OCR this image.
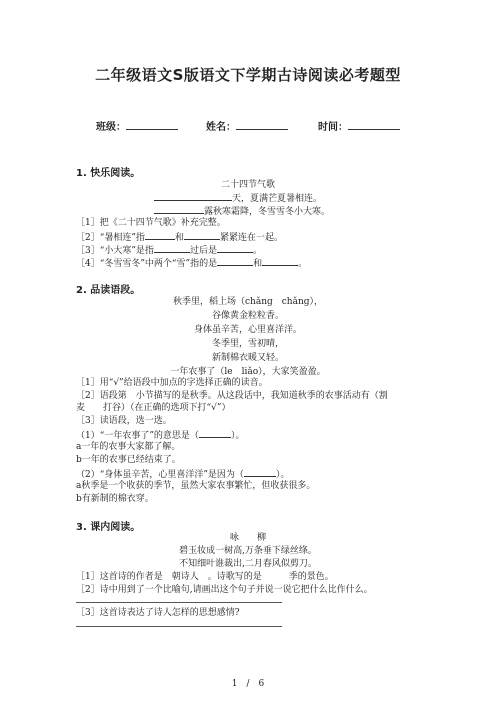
二年级语文S版语文下学期古诗阅读必考题型
班级：	姓名：	时间：
1. 快乐阅读。
二十四节气歌
天，夏满芒夏暑相连。
露秋寒霜降，冬雪雪冬小大寒。
［1］把《二十四节气歌》补充完整。
［2］“暑相连”指	和	紧紧连在一起。
［3］“小大寒”是指	过后是	。
［4］“冬雪雪冬”中两个“雪”指的是	和	。
2. 品读语段。
秋季里，稻上场（chǎng　chǎng），
谷像黄金粒粒香。
身体虽辛苦，心里喜洋洋。
冬季里，雪初晴，
新制棉衣暖又轻。
一年农事了（le　liǎo），大家笑盈盈。
［1］用“√”给语段中加点的字选择正确的读音。
［2］语段第　小节描写的是秋季。从这段话中，我知道秋季的农事活动有（割
麦　　打谷）（在正确的选项下打“√”）
［3］读语段，选一选。
（1）“一年农事了”的意思是（	）。
a一年的农事大家都了解。
b一年的农事已经结束了。
（2）“身体虽辛苦，心里喜洋洋”是因为（	）。
a秋季是一个收获的季节，虽然大家农事繁忙，但收获很多。
b有新制的棉衣穿。
3. 课内阅读。
咏　　柳
碧玉妆成一树高,万条垂下绿丝绦。
不知细叶谁裁出,二月春风似剪刀。
［1］这首诗的作者是　朝诗人　。诗歌写的是　　　季的景色。
［2］诗中用到了一个比喻句,请画出这个句子并说一说它把什么比作什么。
［3］这首诗表达了诗人怎样的思想感情?
1　/　6
